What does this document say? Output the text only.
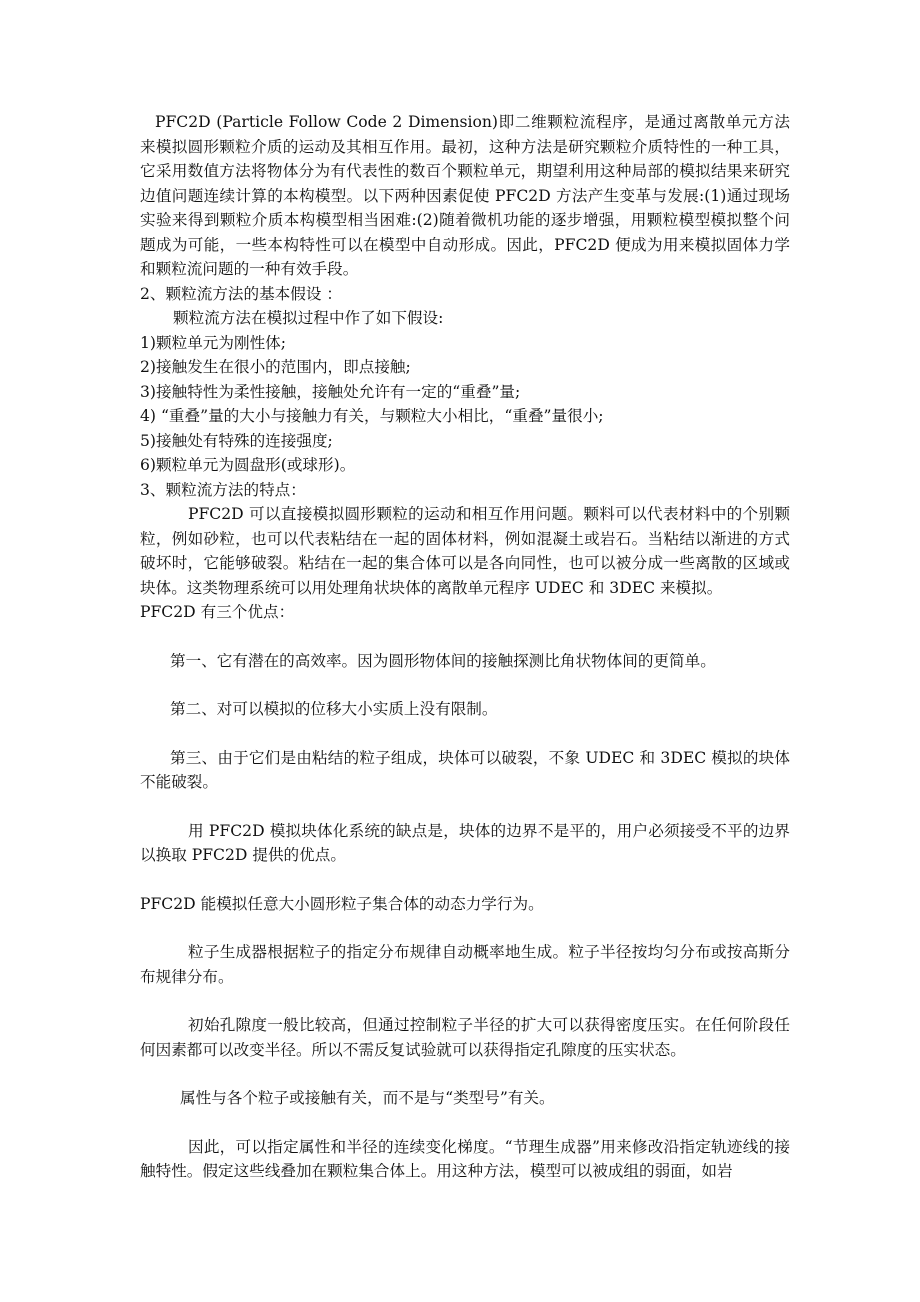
PFC2D (Particle Follow Code 2 Dimension)即二维颗粒流程序，是通过离散单元方法来模拟圆形颗粒介质的运动及其相互作用。最初，这种方法是研究颗粒介质特性的一种工具，它采用数值方法将物体分为有代表性的数百个颗粒单元，期望利用这种局部的模拟结果来研究边值问题连续计算的本构模型。以下两种因素促使 PFC2D 方法产生变革与发展:(1)通过现场实验来得到颗粒介质本构模型相当困难:(2)随着微机功能的逐步增强，用颗粒模型模拟整个问题成为可能，一些本构特性可以在模型中自动形成。因此，PFC2D 便成为用来模拟固体力学和颗粒流问题的一种有效手段。

2、颗粒流方法的基本假设 ：

颗粒流方法在模拟过程中作了如下假设:

1)颗粒单元为刚性体;

2)接触发生在很小的范围内，即点接触;

3)接触特性为柔性接触，接触处允许有一定的“重叠”量;

4) “重叠”量的大小与接触力有关，与颗粒大小相比，“重叠”量很小;

5)接触处有特殊的连接强度;

6)颗粒单元为圆盘形(或球形)。

3、颗粒流方法的特点：

PFC2D 可以直接模拟圆形颗粒的运动和相互作用问题。颗料可以代表材料中的个别颗粒，例如砂粒，也可以代表粘结在一起的固体材料，例如混凝土或岩石。当粘结以渐进的方式破坏时，它能够破裂。粘结在一起的集合体可以是各向同性，也可以被分成一些离散的区域或块体。这类物理系统可以用处理角状块体的离散单元程序 UDEC 和 3DEC 来模拟。

PFC2D 有三个优点：

第一、它有潜在的高效率。因为圆形物体间的接触探测比角状物体间的更简单。

第二、对可以模拟的位移大小实质上没有限制。

第三、由于它们是由粘结的粒子组成，块体可以破裂，不象 UDEC 和 3DEC 模拟的块体不能破裂。

用 PFC2D 模拟块体化系统的缺点是，块体的边界不是平的，用户必须接受不平的边界以换取 PFC2D 提供的优点。

PFC2D 能模拟任意大小圆形粒子集合体的动态力学行为。

粒子生成器根据粒子的指定分布规律自动概率地生成。粒子半径按均匀分布或按高斯分布规律分布。

初始孔隙度一般比较高，但通过控制粒子半径的扩大可以获得密度压实。在任何阶段任何因素都可以改变半径。所以不需反复试验就可以获得指定孔隙度的压实状态。

属性与各个粒子或接触有关，而不是与“类型号”有关。

因此，可以指定属性和半径的连续变化梯度。“节理生成器”用来修改沿指定轨迹线的接触特性。假定这些线叠加在颗粒集合体上。用这种方法，模型可以被成组的弱面，如岩
